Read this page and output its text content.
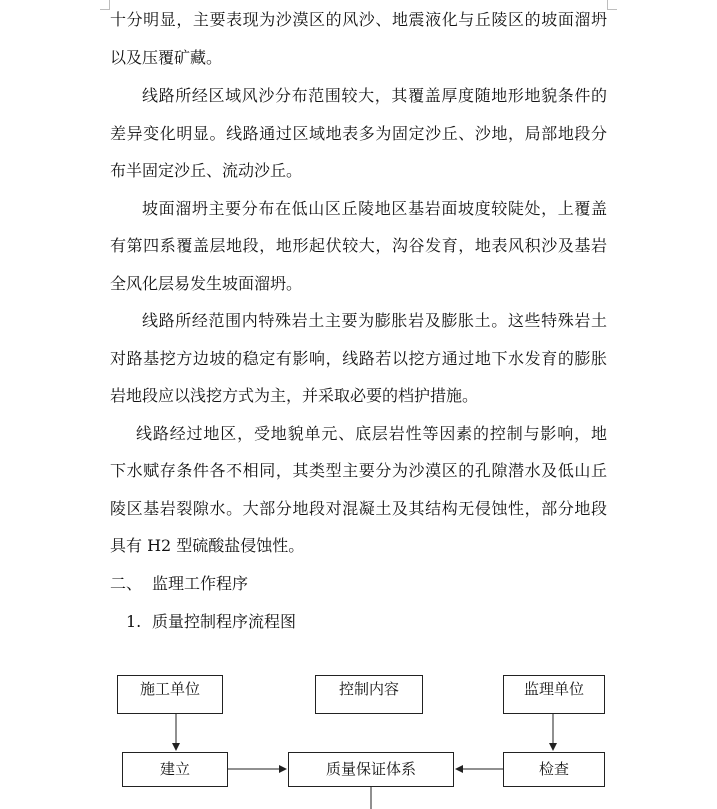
十分明显，主要表现为沙漠区的风沙、地震液化与丘陵区的坡面溜坍
以及压覆矿藏。
线路所经区域风沙分布范围较大，其覆盖厚度随地形地貌条件的
差异变化明显。线路通过区域地表多为固定沙丘、沙地，局部地段分
布半固定沙丘、流动沙丘。
坡面溜坍主要分布在低山区丘陵地区基岩面坡度较陡处，上覆盖
有第四系覆盖层地段，地形起伏较大，沟谷发育，地表风积沙及基岩
全风化层易发生坡面溜坍。
线路所经范围内特殊岩土主要为膨胀岩及膨胀土。这些特殊岩土
对路基挖方边坡的稳定有影响，线路若以挖方通过地下水发育的膨胀
岩地段应以浅挖方式为主，并采取必要的档护措施。
线路经过地区，受地貌单元、底层岩性等因素的控制与影响，地
下水赋存条件各不相同，其类型主要分为沙漠区的孔隙潜水及低山丘
陵区基岩裂隙水。大部分地段对混凝土及其结构无侵蚀性，部分地段
具有 H2 型硫酸盐侵蚀性。
二、 监理工作程序
1. 质量控制程序流程图
施工单位	控制内容	监理单位
建立	质量保证体系	检查
